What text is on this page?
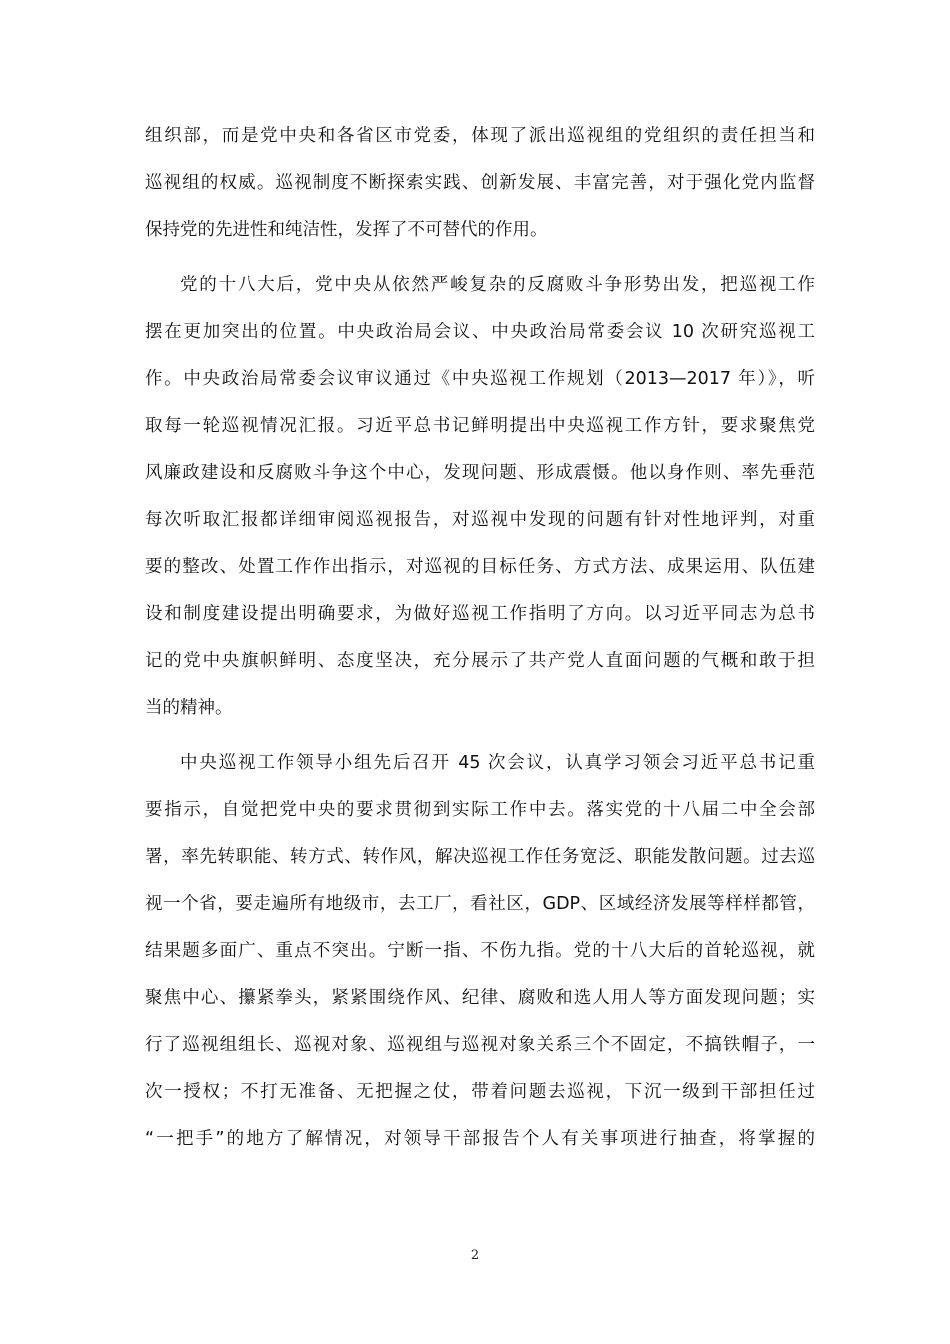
组织部，而是党中央和各省区市党委，体现了派出巡视组的党组织的责任担当和
巡视组的权威。巡视制度不断探索实践、创新发展、丰富完善，对于强化党内监督
保持党的先进性和纯洁性，发挥了不可替代的作用。
党的十八大后，党中央从依然严峻复杂的反腐败斗争形势出发，把巡视工作
摆在更加突出的位置。中央政治局会议、中央政治局常委会议 10 次研究巡视工
作。中央政治局常委会议审议通过《中央巡视工作规划（2013—2017 年）》，听
取每一轮巡视情况汇报。习近平总书记鲜明提出中央巡视工作方针，要求聚焦党
风廉政建设和反腐败斗争这个中心，发现问题、形成震慑。他以身作则、率先垂范
每次听取汇报都详细审阅巡视报告，对巡视中发现的问题有针对性地评判，对重
要的整改、处置工作作出指示，对巡视的目标任务、方式方法、成果运用、队伍建
设和制度建设提出明确要求，为做好巡视工作指明了方向。以习近平同志为总书
记的党中央旗帜鲜明、态度坚决，充分展示了共产党人直面问题的气概和敢于担
当的精神。
中央巡视工作领导小组先后召开 45 次会议，认真学习领会习近平总书记重
要指示，自觉把党中央的要求贯彻到实际工作中去。落实党的十八届二中全会部
署，率先转职能、转方式、转作风，解决巡视工作任务宽泛、职能发散问题。过去巡
视一个省，要走遍所有地级市，去工厂，看社区，GDP、区域经济发展等样样都管，
结果题多面广、重点不突出。宁断一指、不伤九指。党的十八大后的首轮巡视，就
聚焦中心、攥紧拳头，紧紧围绕作风、纪律、腐败和选人用人等方面发现问题；实
行了巡视组组长、巡视对象、巡视组与巡视对象关系三个不固定，不搞铁帽子，一
次一授权；不打无准备、无把握之仗，带着问题去巡视，下沉一级到干部担任过
“一把手”的地方了解情况，对领导干部报告个人有关事项进行抽查，将掌握的
2
